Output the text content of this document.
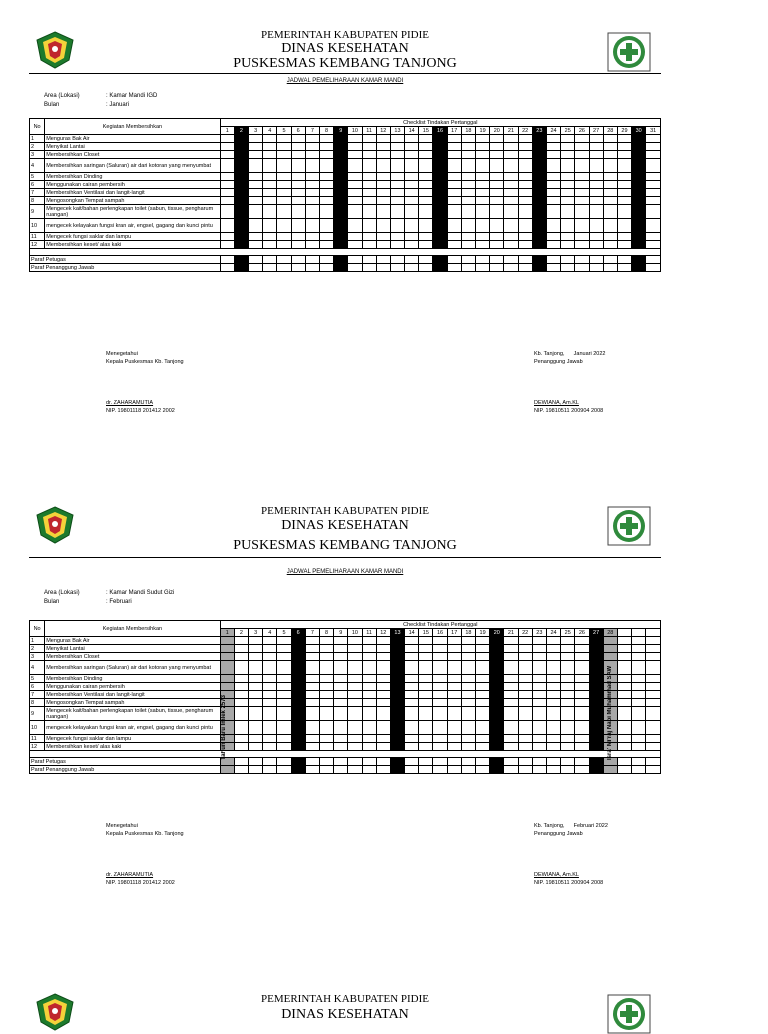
PEMERINTAH KABUPATEN PIDIE
DINAS KESEHATAN
PUSKESMAS KEMBANG TANJONG
JADWAL PEMELIHARAAN KAMAR MANDI
Area (Lokasi)	: Kamar Mandi IGD
Bulan	: Januari
No	Kegiatan Membersihkan	Checklist Tindakan Pertanggal																														
		1	2	3	4	5	6	7	8	9	10	11	12	13	14	15	16	17	18	19	20	21	22	23	24	25	26	27	28	29	30	31
1	Menguras Bak Air																															
2	Menyikat Lantai																															
3	Membersihkan Closet																															
4	Membersihkan saringan (Saluran) air dari kotoran yang menyumbat																															
5	Membersihkan Dinding																															
6	Menggunakan cairan pembersih																															
7	Membersihkan Ventilasi dan langit-langit																															
8	Mengosongkan Tempat sampah																															
9	Mengecek kait/bahan perlengkapan toilet (sabun, tissue, pengharum ruangan)																															
10	mengecek kelayakan fungsi kran air, engsel, gagang dan kunci pintu																															
11	Mengecek fungsi saklar dan lampu																															
12	Membersihkan keset/ alas kaki																															

Paraf Petugas																																
Paraf Penanggung Jawab																																
Menegetahui
Kepala Puskesmas Kb. Tanjong
dr. ZAHARAMUTIA
NIP. 19801118 201412 2002
Kb. Tanjong,      Januari 2022
Penanggung Jawab
DEWIANA, Am.KL
NIP. 19810511 200904 2008
PEMERINTAH KABUPATEN PIDIE
DINAS KESEHATAN
PUSKESMAS KEMBANG TANJONG
JADWAL PEMELIHARAAN KAMAR MANDI
Area (Lokasi)	: Kamar Mandi Sudut Gizi
Bulan	: Februari
No	Kegiatan Membersihkan	Checklist Tindakan Pertanggal																														
		1	2	3	4	5	6	7	8	9	10	11	12	13	14	15	16	17	18	19	20	21	22	23	24	25	26	27	28			
1	Menguras Bak Air																															
2	Menyikat Lantai																															
3	Membersihkan Closet																															
4	Membersihkan saringan (Saluran) air dari kotoran yang menyumbat																															
5	Membersihkan Dinding																															
6	Menggunakan cairan pembersih																															
7	Membersihkan Ventilasi dan langit-langit																															
8	Mengosongkan Tempat sampah																															
9	Mengecek kait/bahan perlengkapan toilet (sabun, tissue, pengharum ruangan)																															
10	mengecek kelayakan fungsi kran air, engsel, gagang dan kunci pintu																															
11	Mengecek fungsi saklar dan lampu																															
12	Membersihkan keset/ alas kaki																															

Paraf Petugas																																
Paraf Penanggung Jawab																																
Tahun Baru Imlek 2573	Isra' Mi'raj Nabi Muhammad SAW
Menegetahui
Kepala Puskesmas Kb. Tanjong
dr. ZAHARAMUTIA
NIP. 19801118 201412 2002
Kb. Tanjong,      Februari 2022
Penanggung Jawab
DEWIANA, Am.KL
NIP. 19810511 200904 2008
PEMERINTAH KABUPATEN PIDIE
DINAS KESEHATAN
